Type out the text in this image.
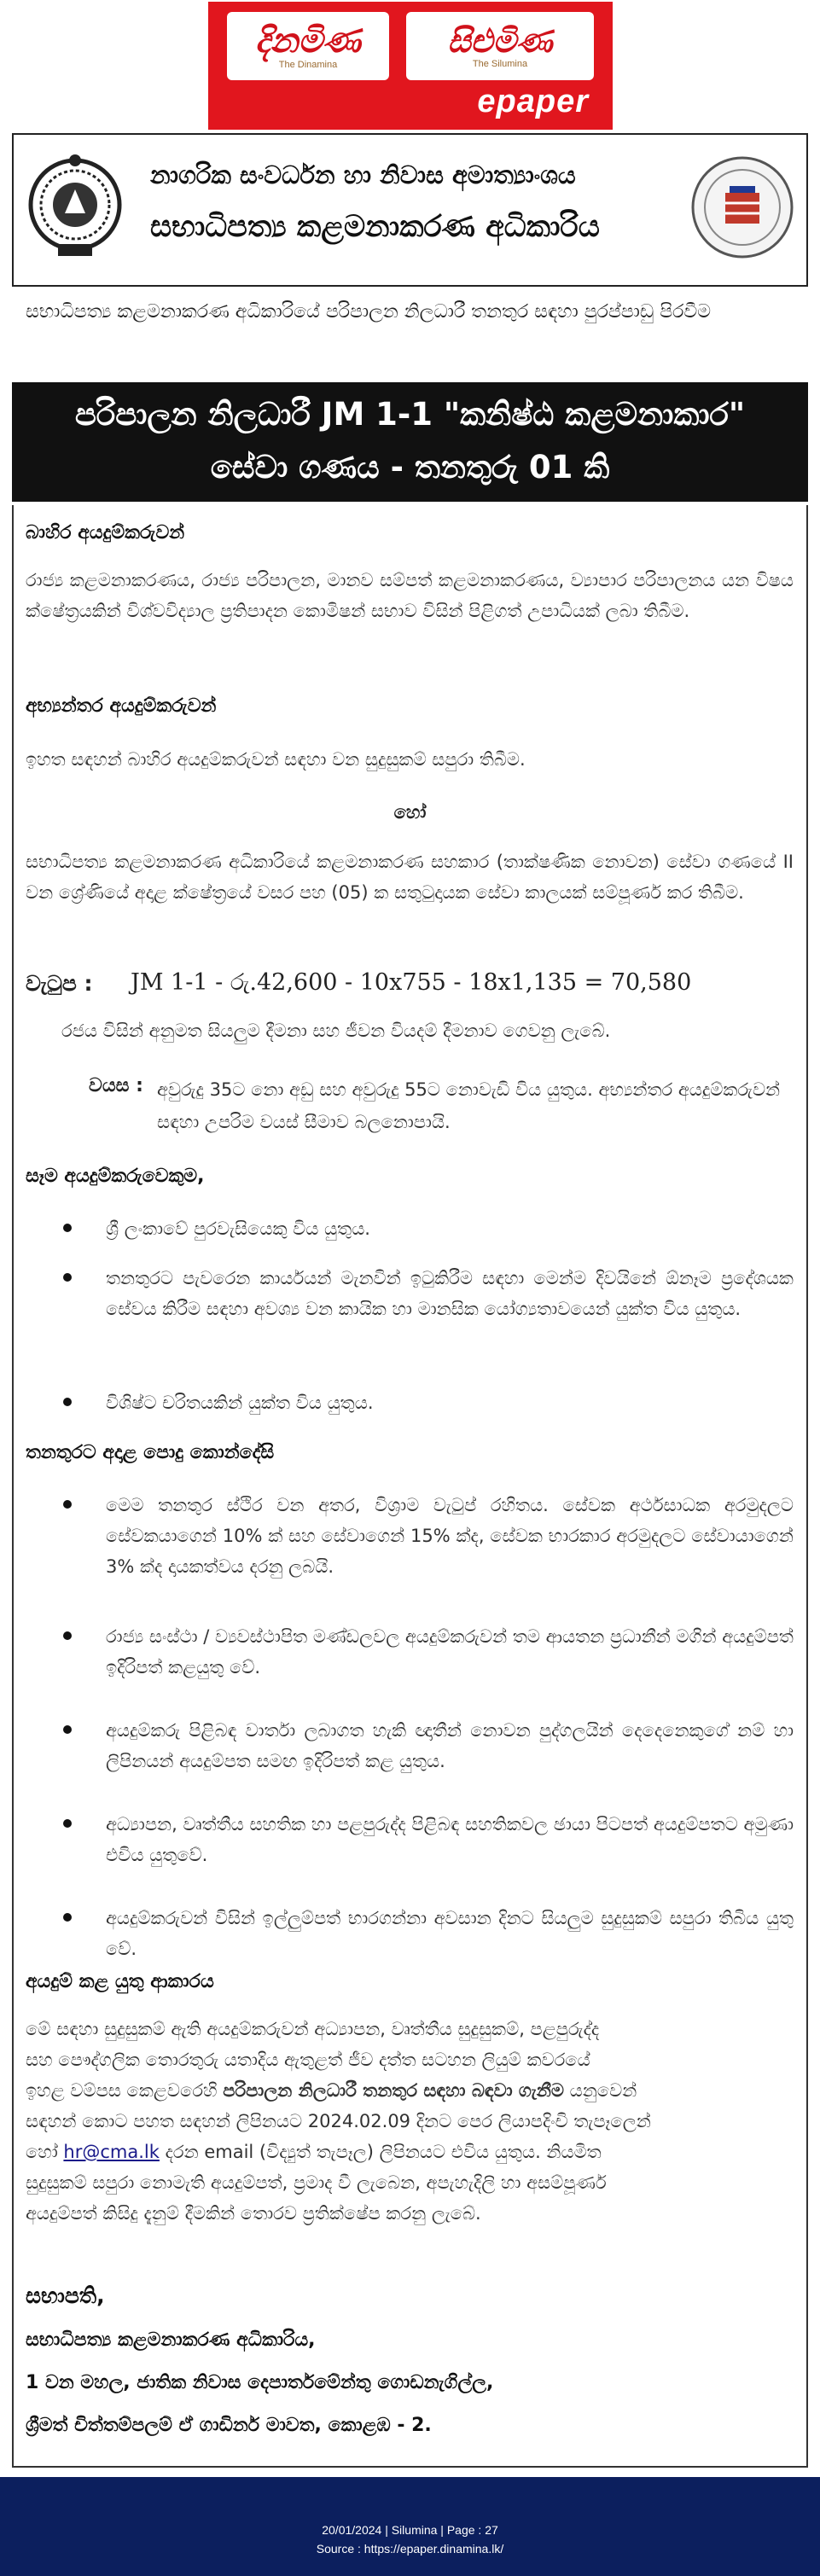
දිනමිණ
The Dinamina
සිළුමිණ
The Silumina
epaper
නාගරික සංවර්ධන හා නිවාස අමාත්‍යාංශය
සභාධිපත්‍ය කළමනාකරණ අධිකාරිය
සභාධිපත්‍ය කළමනාකරණ අධිකාරියේ පරිපාලන නිලධාරී තනතුර සඳහා පුරප්පාඩු පිරවීම
පරිපාලන නිලධාරී JM 1-1 "කනිෂ්ඨ කළමනාකාර"
සේවා ගණය - තනතුරු 01 කි
බාහිර අයදුම්කරුවන්
රාජ්‍ය කළමනාකරණය, රාජ්‍ය පරිපාලන, මානව සම්පත් කළමනාකරණය, ව්‍යාපාර පරිපාලනය යන විෂය ක්ෂේත්‍රයකින් විශ්වවිද්‍යාල ප්‍රතිපාදන කොමිෂන් සභාව විසින් පිළිගත් උපාධියක් ලබා තිබීම.
අභ්‍යන්තර අයදුම්කරුවන්
ඉහත සඳහන් බාහිර අයදුම්කරුවන් සඳහා වන සුදුසුකම් සපුරා තිබීම.
හෝ
සභාධිපත්‍ය කළමනාකරණ අධිකාරියේ කළමනාකරණ සහකාර (තාක්ෂණික නොවන) සේවා ගණයේ II වන ශ්‍රේණියේ අදාළ ක්ෂේත්‍රයේ වසර පහ (05) ක සතුටුදායක සේවා කාලයක් සම්පූර්ණ කර තිබීම.
වැටුප : JM 1-1 - රු.42,600 - 10x755 - 18x1,135 = 70,580
රජය විසින් අනුමත සියලුම දීමනා සහ ජීවන වියදම් දීමනාව ගෙවනු ලැබේ.
වයස : අවුරුදු 35ට නො අඩු සහ අවුරුදු 55ට නොවැඩි විය යුතුය. අභ්‍යන්තර අයදුම්කරුවන් සඳහා උපරිම වයස් සීමාව බලනොපායි.
සෑම අයදුම්කරුවෙකුම,
ශ්‍රී ලංකාවේ පුරවැසියෙකු විය යුතුය.
තනතුරට පැවරෙන කාර්යයන් මැනවින් ඉටුකිරීම සඳහා මෙන්ම දිවයිනේ ඕනෑම ප්‍රදේශයක සේවය කිරීම සඳහා අවශ්‍ය වන කායික හා මානසික යෝග්‍යතාවයෙන් යුක්ත විය යුතුය.
විශිෂ්ට චරිතයකින් යුක්ත විය යුතුය.
තනතුරට අදාළ පොදු කොන්දේසි
මෙම තනතුර ස්ථිර වන අතර, විශ්‍රාම වැටුප් රහිතය. සේවක අර්ථසාධක අරමුදලට සේවකයාගෙන් 10% ක් සහ සේවාගෙන් 15% ක්ද, සේවක භාරකාර අරමුදලට සේවායාගෙන් 3% ක්ද දායකත්වය දරනු ලබයි.
රාජ්‍ය සංස්ථා / ව්‍යවස්ථාපිත මණ්ඩලවල අයදුම්කරුවන් තම ආයතන ප්‍රධානීන් මගින් අයදුම්පත් ඉදිරිපත් කළයුතු වේ.
අයදුම්කරු පිළිබඳ වාර්තා ලබාගත හැකි ඥාතීන් නොවන පුද්ගලයින් දෙදෙනෙකුගේ නම් හා ලිපිනයන් අයදුම්පත සමඟ ඉදිරිපත් කළ යුතුය.
අධ්‍යාපන, වෘත්තීය සහතික හා පළපුරුද්ද පිළිබඳ සහතිකවල ඡායා පිටපත් අයදුම්පතට අමුණා එවිය යුතුවේ.
අයදුම්කරුවන් විසින් ඉල්ලුම්පත් භාරගන්නා අවසාන දිනට සියලුම සුදුසුකම් සපුරා තිබිය යුතු වේ.
අයදුම් කළ යුතු ආකාරය
මේ සඳහා සුදුසුකම් ඇති අයදුම්කරුවන් අධ්‍යාපන, වෘත්තීය සුදුසුකම්, පළපුරුද්ද
සහ පෞද්ගලික තොරතුරු යතාදිය ඇතුළත් ජීව දත්ත සටහන ලියුම් කවරයේ
ඉහළ වම්පස කෙළවරෙහි පරිපාලන නිලධාරී තනතුර සඳහා බඳවා ගැනීම යනුවෙන්
සඳහන් කොට පහත සඳහන් ලිපිනයට 2024.02.09 දිනට පෙර ලියාපදිංචි තැපෑලෙන්
හෝ hr@cma.lk දරන email (විද්‍යුත් තැපෑල) ලිපිනයට එවිය යුතුය. නියමිත
සුදුසුකම් සපුරා නොමැති අයදුම්පත්, ප්‍රමාද වී ලැබෙන, අපැහැදිලි හා අසම්පූර්ණ
අයදුම්පත් කිසිදු දැනුම් දීමකින් තොරව ප්‍රතික්ෂේප කරනු ලැබේ.
සභාපති,
සභාධිපත්‍ය කළමනාකරණ අධිකාරිය,
1 වන මහල, ජාතික නිවාස දෙපාර්තමේන්තු ගොඩනැගිල්ල,
ශ්‍රීමත් චිත්තම්පලම් ඒ ගාඩිනර් මාවත, කොළඹ - 2.
20/01/2024 | Silumina | Page : 27
Source : https://epaper.dinamina.lk/
